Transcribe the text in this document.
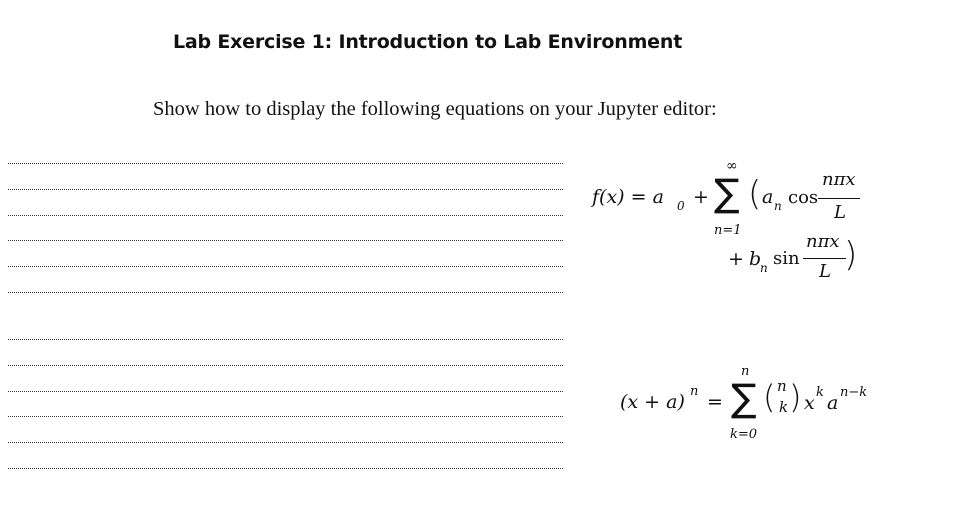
Lab Exercise 1: Introduction to Lab Environment
Show how to display the following equations on your Jupyter editor:
f(x) = a 0 +
∞
∑
n=1
( a n cos
nπx
L
+ b
n sin
nπx
L )
(x + a) n =
n
∑
k=0
( n
k ) x k a n−k
